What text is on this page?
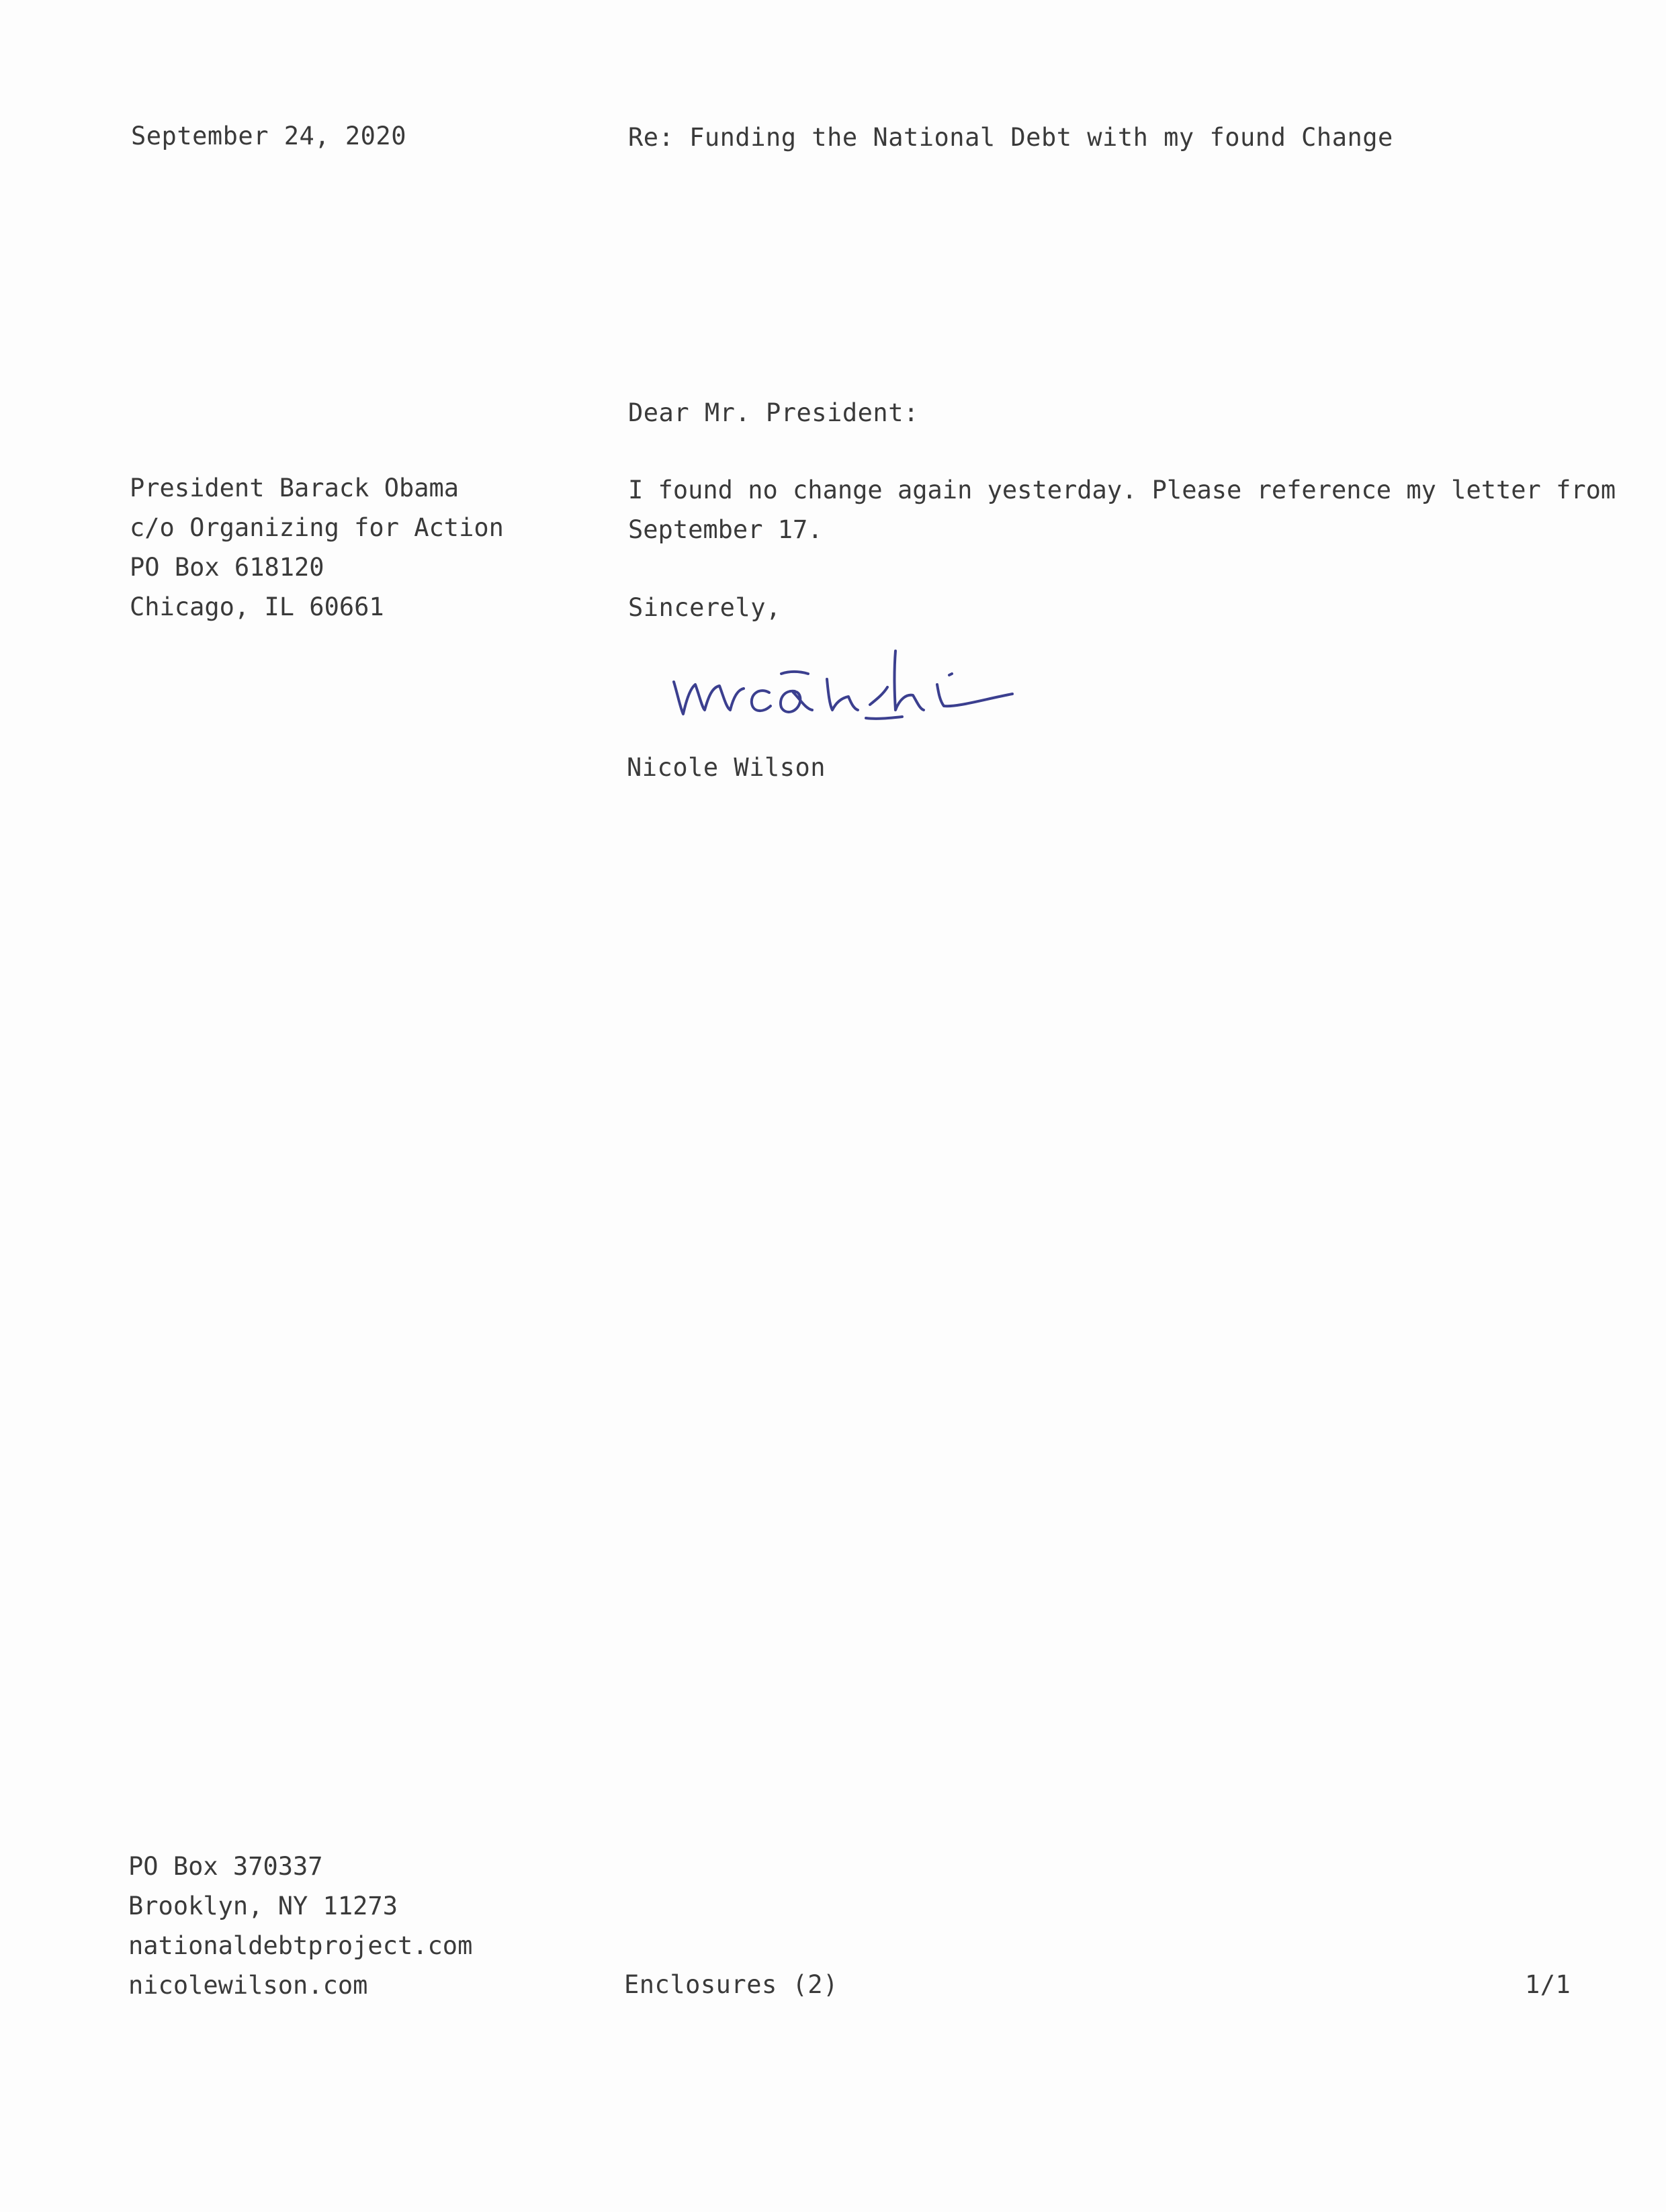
September 24, 2020	Re: Funding the National Debt with my found Change
Dear Mr. President:
President Barack Obama
c/o Organizing for Action
PO Box 618120
Chicago, IL 60661
I found no change again yesterday. Please reference my letter from
September 17.
Sincerely,
Nicole Wilson
PO Box 370337
Brooklyn, NY 11273
nationaldebtproject.com
nicolewilson.com	Enclosures (2)	1/1
